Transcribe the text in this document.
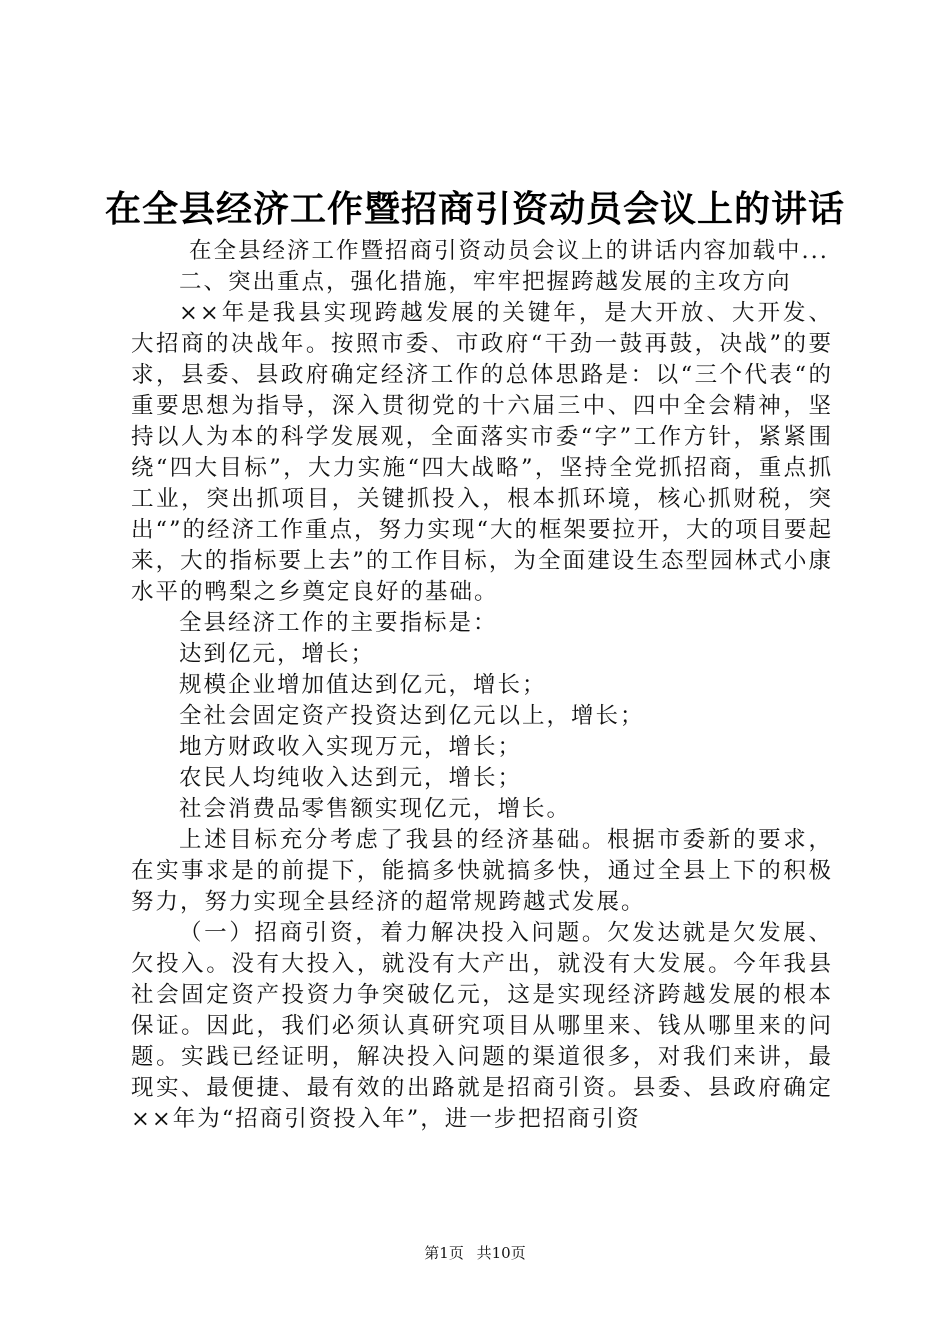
在全县经济工作暨招商引资动员会议上的讲话

在全县经济工作暨招商引资动员会议上的讲话内容加载中...

二、突出重点，强化措施，牢牢把握跨越发展的主攻方向

××年是我县实现跨越发展的关键年，是大开放、大开发、大招商的决战年。按照市委、市政府“干劲一鼓再鼓，决战”的要求，县委、县政府确定经济工作的总体思路是：以“三个代表“的重要思想为指导，深入贯彻党的十六届三中、四中全会精神，坚持以人为本的科学发展观，全面落实市委“字”工作方针，紧紧围绕“四大目标”，大力实施“四大战略”，坚持全党抓招商，重点抓工业，突出抓项目，关键抓投入，根本抓环境，核心抓财税，突出“”的经济工作重点，努力实现“大的框架要拉开，大的项目要起来，大的指标要上去”的工作目标，为全面建设生态型园林式小康水平的鸭梨之乡奠定良好的基础。

全县经济工作的主要指标是：

达到亿元，增长；

规模企业增加值达到亿元，增长；

全社会固定资产投资达到亿元以上，增长；

地方财政收入实现万元，增长；

农民人均纯收入达到元，增长；

社会消费品零售额实现亿元，增长。

上述目标充分考虑了我县的经济基础。根据市委新的要求，在实事求是的前提下，能搞多快就搞多快，通过全县上下的积极努力，努力实现全县经济的超常规跨越式发展。

（一）招商引资，着力解决投入问题。欠发达就是欠发展、欠投入。没有大投入，就没有大产出，就没有大发展。今年我县社会固定资产投资力争突破亿元，这是实现经济跨越发展的根本保证。因此，我们必须认真研究项目从哪里来、钱从哪里来的问题。实践已经证明，解决投入问题的渠道很多，对我们来讲，最现实、最便捷、最有效的出路就是招商引资。县委、县政府确定××年为“招商引资投入年”，进一步把招商引资

第1页 共10页
